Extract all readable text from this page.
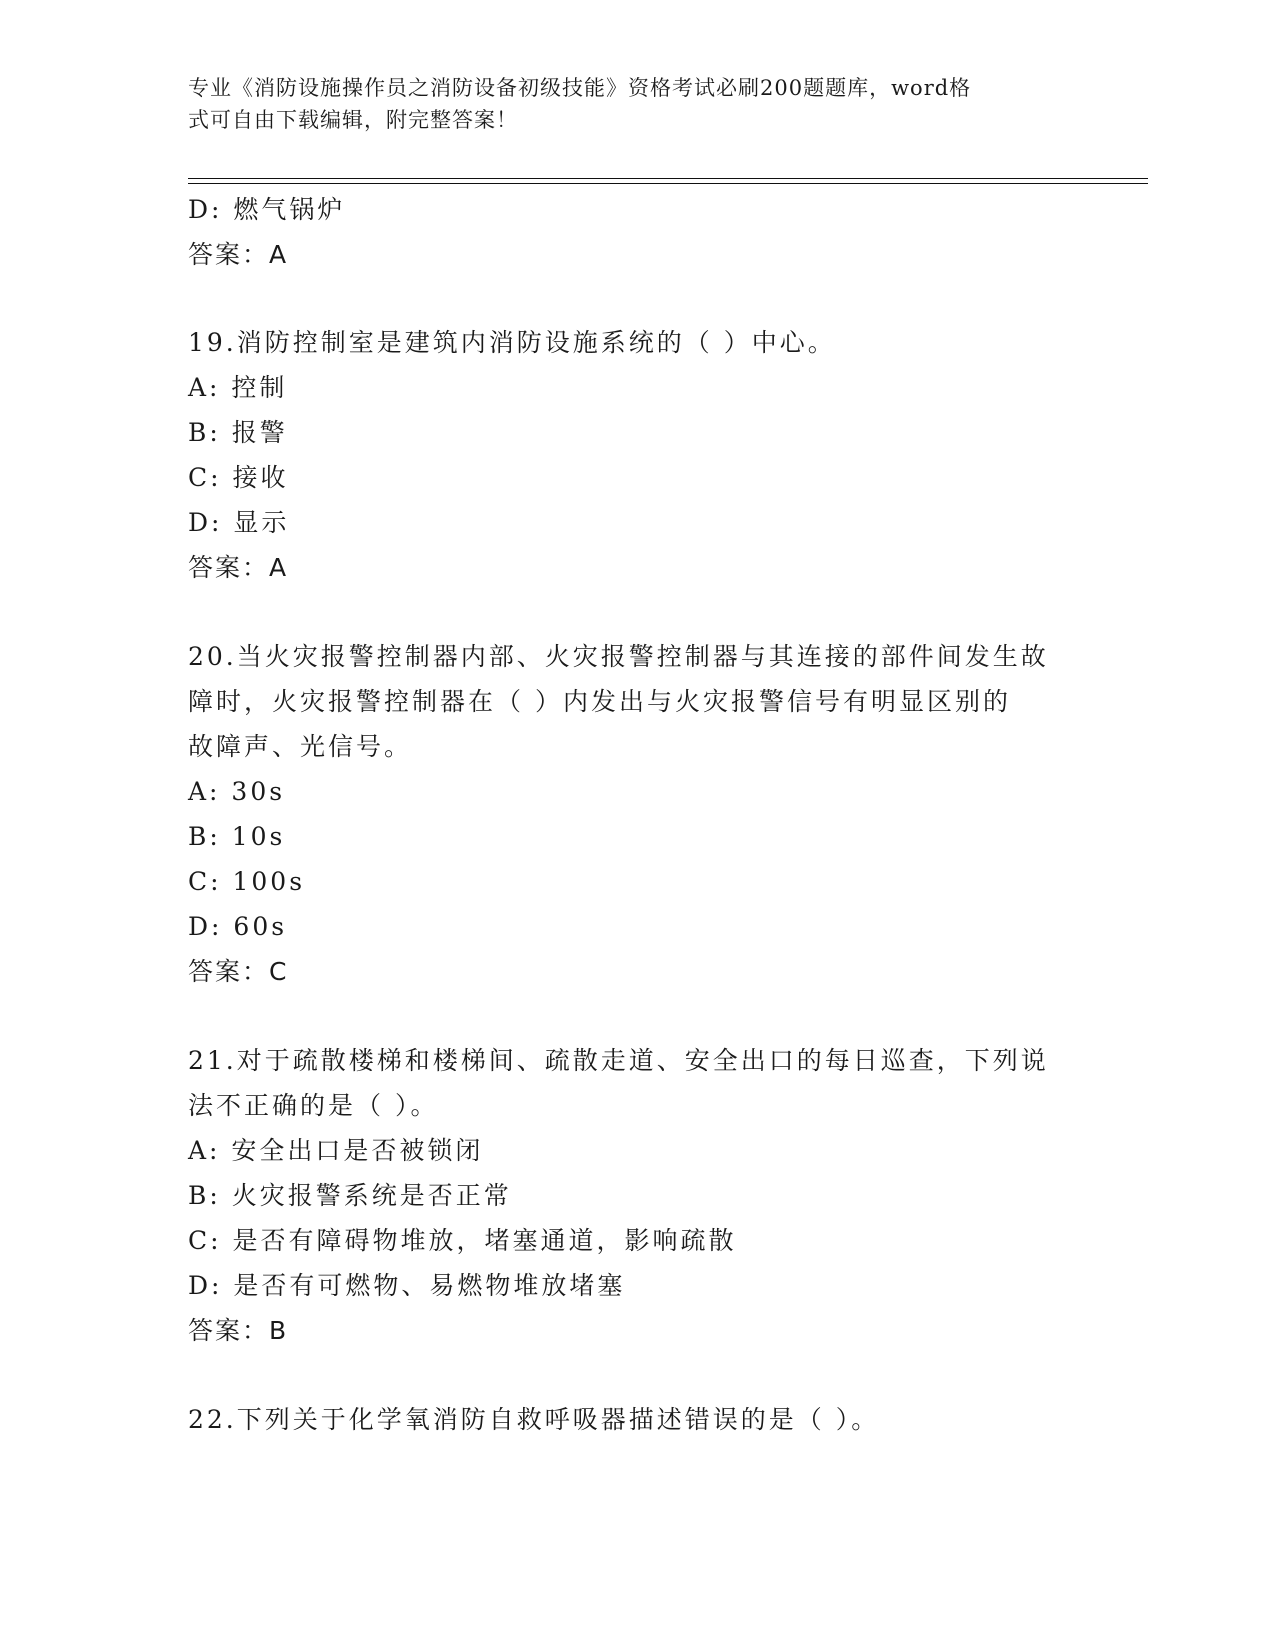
专业《消防设施操作员之消防设备初级技能》资格考试必刷200题题库，word格
式可自由下载编辑，附完整答案！
D: 燃气锅炉
答案：A
19.消防控制室是建筑内消防设施系统的（ ）中心。
A: 控制
B: 报警
C: 接收
D: 显示
答案：A
20.当火灾报警控制器内部、火灾报警控制器与其连接的部件间发生故
障时，火灾报警控制器在（ ）内发出与火灾报警信号有明显区别的
故障声、光信号。
A: 30s
B: 10s
C: 100s
D: 60s
答案：C
21.对于疏散楼梯和楼梯间、疏散走道、安全出口的每日巡查，下列说
法不正确的是（ ）。
A: 安全出口是否被锁闭
B: 火灾报警系统是否正常
C: 是否有障碍物堆放，堵塞通道，影响疏散
D: 是否有可燃物、易燃物堆放堵塞
答案：B
22.下列关于化学氧消防自救呼吸器描述错误的是（ ）。
